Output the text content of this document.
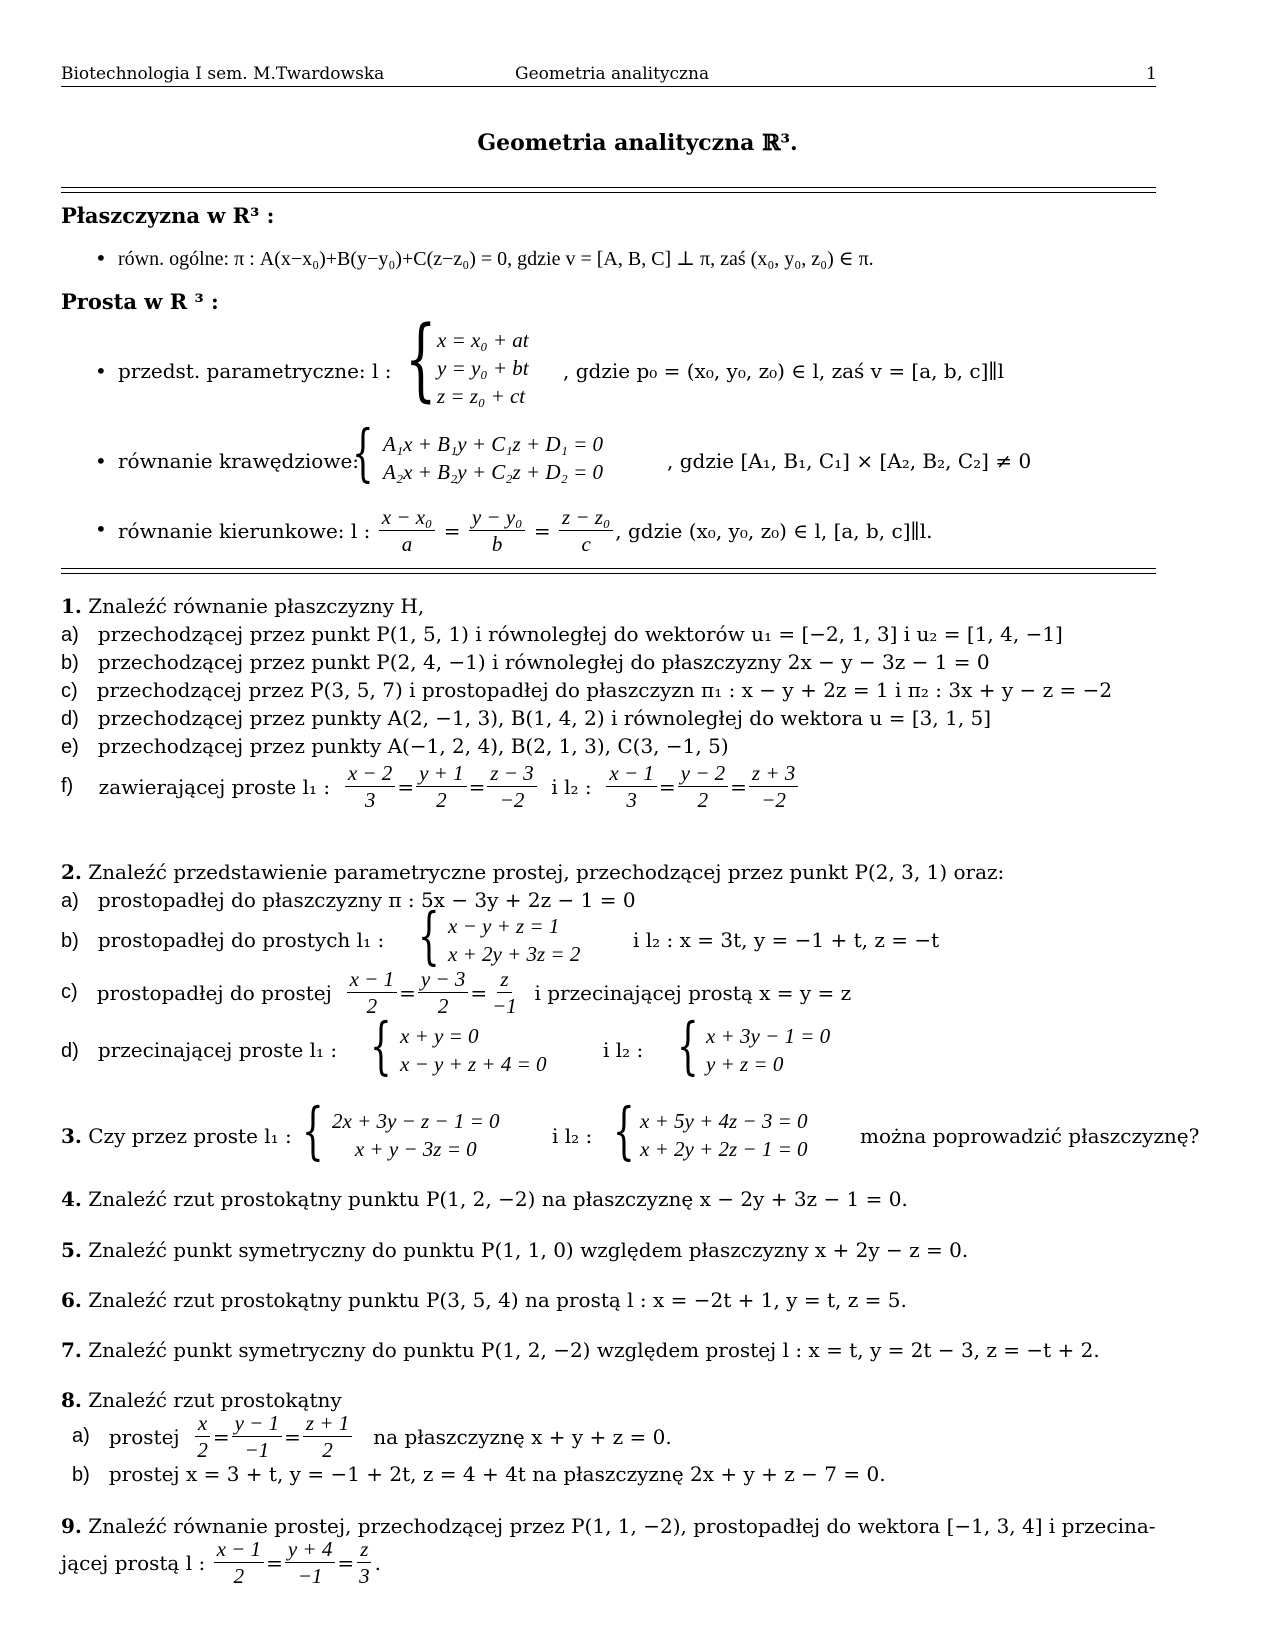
Biotechnologia I sem. M.Twardowska	Geometria analityczna	1
Geometria analityczna ℝ³.
Płaszczyzna w R³ :
• równ. ogólne: π : A(x−x₀)+B(y−y₀)+C(z−z₀) = 0, gdzie v = [A, B, C] ⊥ π, zaś (x₀, y₀, z₀) ∈ π.
Prosta w R ³ :
• przedst. parametryczne: l : { x = x₀ + at
y = y₀ + bt
z = z₀ + ct
, gdzie p₀ = (x₀, y₀, z₀) ∈ l, zaś v = [a, b, c]∥l
• równanie krawędziowe:
{ A₁x + B₁y + C₁z + D₁ = 0
A₂x + B₂y + C₂z + D₂ = 0	, gdzie [A₁, B₁, C₁] × [A₂, B₂, C₂] ≠ 0
• równanie kierunkowe: l :
$\frac{\text{x − x₀}}{a} = \frac{\text{y − y₀}}{b} = \frac{\text{z − z₀}}{c}$ , gdzie (x₀, y₀, z₀) ∈ l, [a, b, c]∥l.
1. Znaleźć równanie płaszczyzny H,
a) przechodzącej przez punkt P(1, 5, 1) i równoległej do wektorów u₁ = [−2, 1, 3] i u₂ = [1, 4, −1]
b) przechodzącej przez punkt P(2, 4, −1) i równoległej do płaszczyzny 2x − y − 3z − 1 = 0
c) przechodzącej przez P(3, 5, 7) i prostopadłej do płaszczyzn π₁ : x − y + 2z = 1 i π₂ : 3x + y − z = −2
d) przechodzącej przez punkty A(2, −1, 3), B(1, 4, 2) i równoległej do wektora u = [3, 1, 5]
e) przechodzącej przez punkty A(−1, 2, 4), B(2, 1, 3), C(3, −1, 5)
f)
zawierającej proste l₁ :
$\frac{x - 2}{3} = \frac{y + 1}{2} = \frac{z - 3}{-2}$
i l₂ :
$\frac{x - 1}{3} = \frac{y - 2}{2} = \frac{z + 3}{-2}$
2. Znaleźć przedstawienie parametryczne prostej, przechodzącej przez punkt P(2, 3, 1) oraz:
a) prostopadłej do płaszczyzny π : 5x − 3y + 2z − 1 = 0
b) prostopadłej do prostych l₁ : { x − y + z = 1
x + 2y + 3z = 2
i l₂ : x = 3t, y = −1 + t, z = −t
c)
prostopadłej do prostej
$\frac{x - 1}{2} = \frac{y - 3}{2} = \frac{z}{-1}$
i przecinającej prostą x = y = z
d) przecinającej proste l₁ : { x + y = 0
x − y + z + 4 = 0
i l₂ : { x + 3y − 1 = 0
y + z = 0
3. Czy przez proste l₁ : { 2x + 3y − z − 1 = 0
x + y − 3z = 0
i l₂ : { x + 5y + 4z − 3 = 0
x + 2y + 2z − 1 = 0
można poprowadzić płaszczyznę?
4. Znaleźć rzut prostokątny punktu P(1, 2, −2) na płaszczyznę x − 2y + 3z − 1 = 0.
5. Znaleźć punkt symetryczny do punktu P(1, 1, 0) względem płaszczyzny x + 2y − z = 0.
6. Znaleźć rzut prostokątny punktu P(3, 5, 4) na prostą l : x = −2t + 1, y = t, z = 5.
7. Znaleźć punkt symetryczny do punktu P(1, 2, −2) względem prostej l : x = t, y = 2t − 3, z = −t + 2.
8. Znaleźć rzut prostokątny
a)
prostej
$\frac{x}{2} = \frac{y - 1}{-1} = \frac{z + 1}{2}$
na płaszczyznę x + y + z = 0.
b) prostej x = 3 + t, y = −1 + 2t, z = 4 + 4t na płaszczyznę 2x + y + z − 7 = 0.
9. Znaleźć równanie prostej, przechodzącej przez P(1, 1, −2), prostopadłej do wektora [−1, 3, 4] i przecina-
jącej prostą l :
$\frac{x - 1}{2} = \frac{y + 4}{-1} = \frac{z}{3}$ .
